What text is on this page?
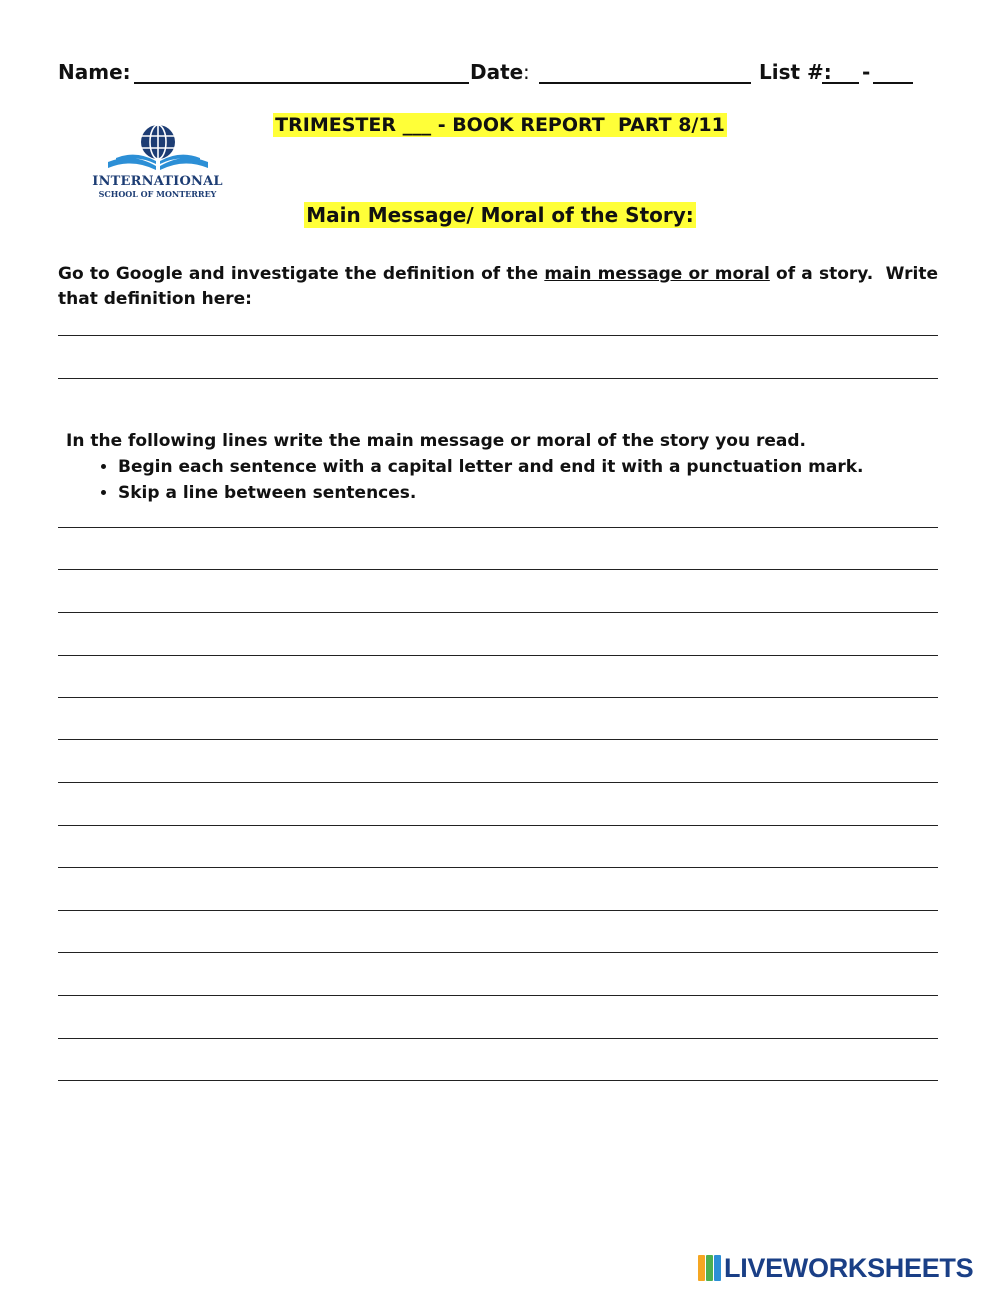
Name:	Date :	List #: -
TRIMESTER ___ - BOOK REPORT  PART 8/11
INTERNATIONAL
SCHOOL OF MONTERREY
Main Message/ Moral of the Story:
Go to Google and investigate the definition of the main message or moral of a story.  Write that definition here:
In the following lines write the main message or moral of the story you read.
• Begin each sentence with a capital letter and end it with a punctuation mark.
• Skip a line between sentences.
LIVEWORKSHEETS
